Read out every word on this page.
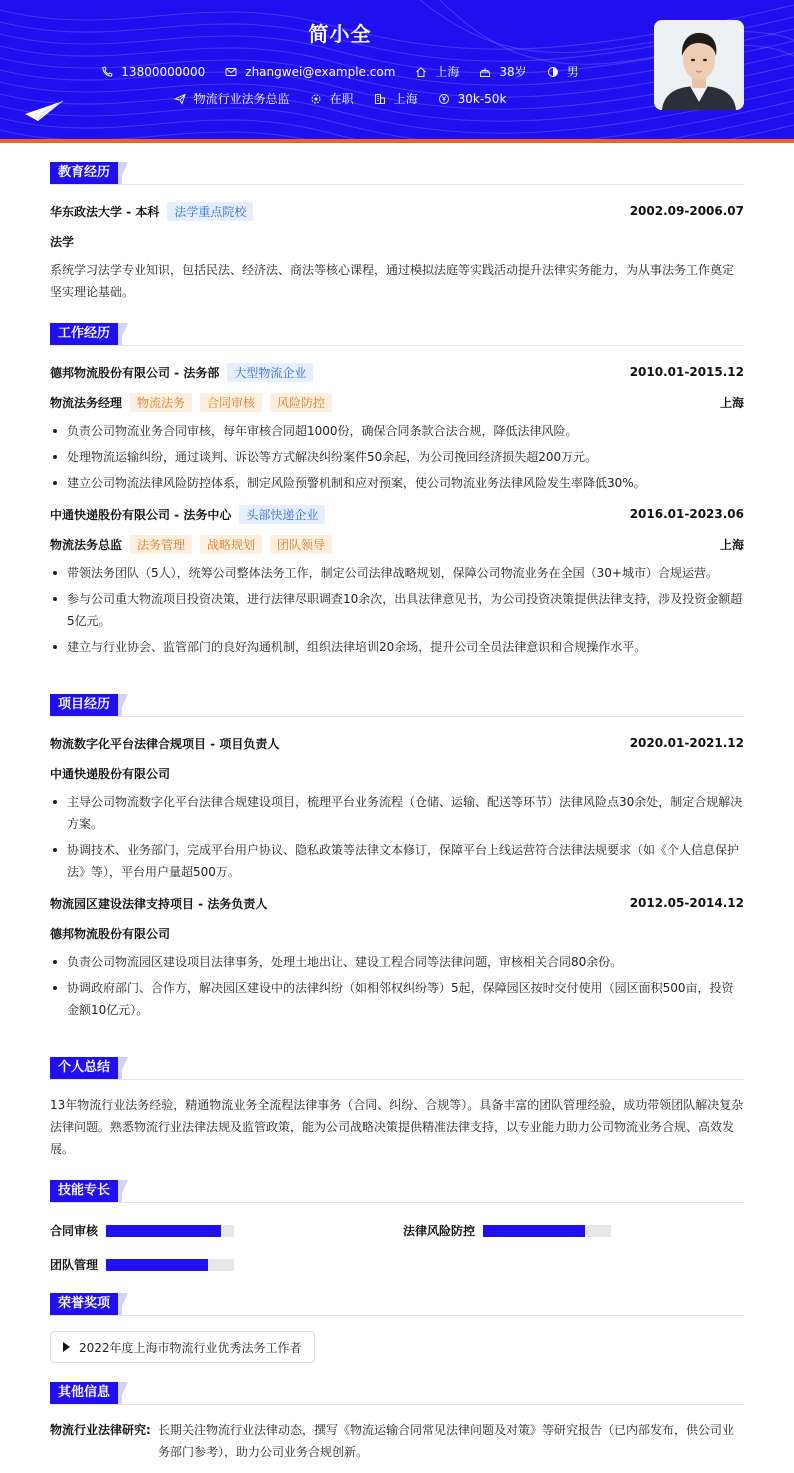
简小全
13800000000	zhangwei@example.com	上海	38岁	男
物流行业法务总监	在职	上海	30k-50k
教育经历
华东政法大学 - 本科	法学重点院校	2002.09-2006.07
法学
系统学习法学专业知识，包括民法、经济法、商法等核心课程，通过模拟法庭等实践活动提升法律实务能力，为从事法务工作奠定坚实理论基础。
工作经历
德邦物流股份有限公司 - 法务部	大型物流企业	2010.01-2015.12
物流法务经理	物流法务	合同审核	风险防控	上海
负责公司物流业务合同审核，每年审核合同超1000份，确保合同条款合法合规，降低法律风险。
处理物流运输纠纷，通过谈判、诉讼等方式解决纠纷案件50余起，为公司挽回经济损失超200万元。
建立公司物流法律风险防控体系，制定风险预警机制和应对预案，使公司物流业务法律风险发生率降低30%。
中通快递股份有限公司 - 法务中心	头部快递企业	2016.01-2023.06
物流法务总监	法务管理	战略规划	团队领导	上海
带领法务团队（5人），统筹公司整体法务工作，制定公司法律战略规划，保障公司物流业务在全国（30+城市）合规运营。
参与公司重大物流项目投资决策，进行法律尽职调查10余次，出具法律意见书，为公司投资决策提供法律支持，涉及投资金额超5亿元。
建立与行业协会、监管部门的良好沟通机制，组织法律培训20余场，提升公司全员法律意识和合规操作水平。
项目经历
物流数字化平台法律合规项目 - 项目负责人	2020.01-2021.12
中通快递股份有限公司
主导公司物流数字化平台法律合规建设项目，梳理平台业务流程（仓储、运输、配送等环节）法律风险点30余处，制定合规解决方案。
协调技术、业务部门，完成平台用户协议、隐私政策等法律文本修订，保障平台上线运营符合法律法规要求（如《个人信息保护法》等），平台用户量超500万。
物流园区建设法律支持项目 - 法务负责人	2012.05-2014.12
德邦物流股份有限公司
负责公司物流园区建设项目法律事务，处理土地出让、建设工程合同等法律问题，审核相关合同80余份。
协调政府部门、合作方，解决园区建设中的法律纠纷（如相邻权纠纷等）5起，保障园区按时交付使用（园区面积500亩，投资金额10亿元）。
个人总结
13年物流行业法务经验，精通物流业务全流程法律事务（合同、纠纷、合规等）。具备丰富的团队管理经验，成功带领团队解决复杂法律问题。熟悉物流行业法律法规及监管政策，能为公司战略决策提供精准法律支持，以专业能力助力公司物流业务合规、高效发展。
技能专长
合同审核	法律风险防控
团队管理
荣誉奖项
2022年度上海市物流行业优秀法务工作者
其他信息
物流行业法律研究: 长期关注物流行业法律动态，撰写《物流运输合同常见法律问题及对策》等研究报告（已内部发布，供公司业务部门参考），助力公司业务合规创新。
